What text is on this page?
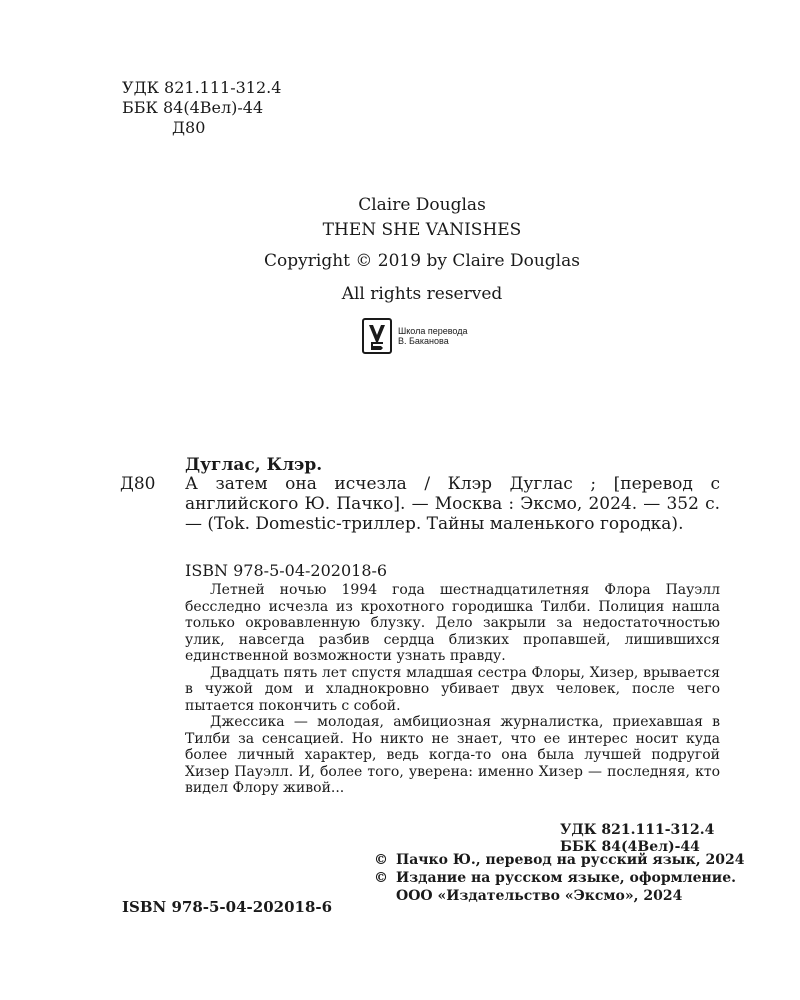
УДК 821.111-312.4
ББК 84(4Вел)-44
Д80
Claire Douglas
THEN SHE VANISHES
Copyright © 2019 by Claire Douglas
All rights reserved
Школа перевода
В. Баканова
Дуглас, Клэр.
Д80 А затем она исчезла / Клэр Дуглас ; [перевод с английского Ю. Пачко]. — Москва : Эксмо, 2024. — 352 с. — (Tok. Domestic-триллер. Тайны маленького городка).
ISBN 978-5-04-202018-6

Летней ночью 1994 года шестнадцатилетняя Флора Пауэлл бесследно исчезла из крохотного городишка Тилби. Полиция нашла только окровавленную блузку. Дело закрыли за недостаточностью улик, навсегда разбив сердца близких пропавшей, лишившихся единственной возможности узнать правду.

Двадцать пять лет спустя младшая сестра Флоры, Хизер, врывается в чужой дом и хладнокровно убивает двух человек, после чего пытается покончить с собой.

Джессика — молодая, амбициозная журналистка, приехавшая в Тилби за сенсацией. Но никто не знает, что ее интерес носит куда более личный характер, ведь когда-то она была лучшей подругой Хизер Пауэлл. И, более того, уверена: именно Хизер — последняя, кто видел Флору живой...

УДК 821.111-312.4
ББК 84(4Вел)-44
© Пачко Ю., перевод на русский язык, 2024
© Издание на русском языке, оформление. ООО «Издательство «Эксмо», 2024
ISBN 978-5-04-202018-6
